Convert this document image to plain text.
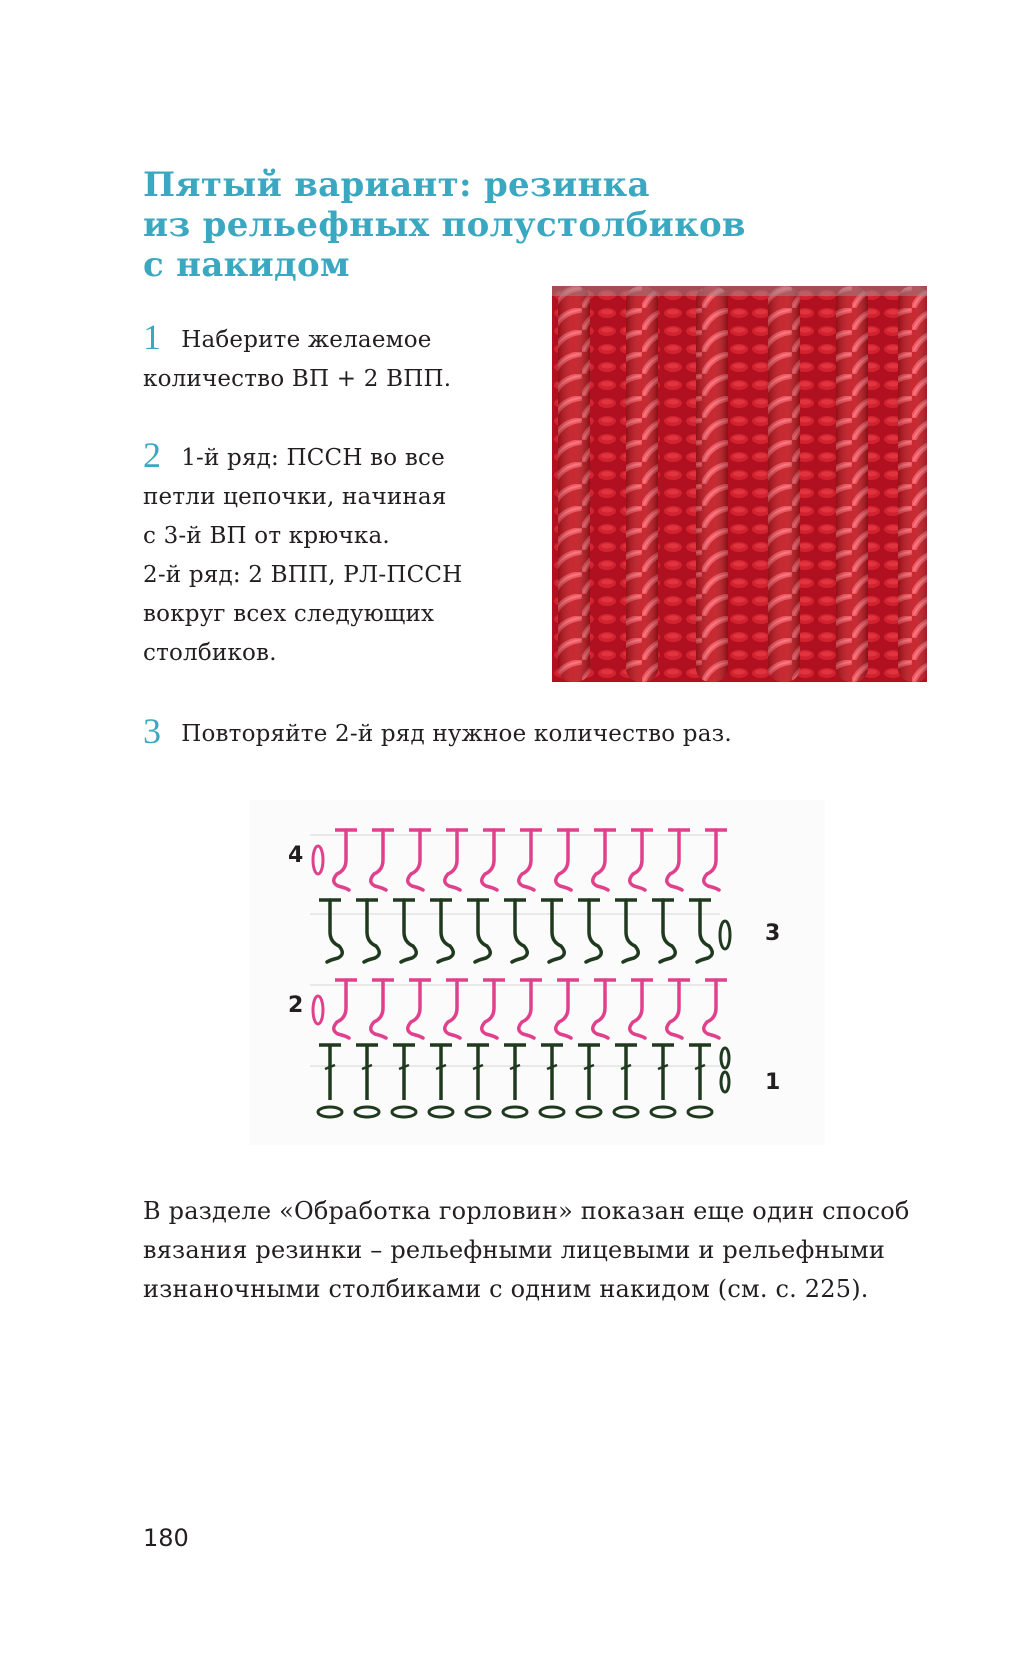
Пятый вариант: резинка
из рельефных полустолбиков
с накидом
1 Наберите желаемое
количество ВП + 2 ВПП.
2 1-й ряд: ПССН во все
петли цепочки, начиная
с 3-й ВП от крючка.
2-й ряд: 2 ВПП, РЛ-ПССН
вокруг всех следующих
столбиков.
3 Повторяйте 2-й ряд нужное количество раз.
4
3
2
1

В разделе «Обработка горловин» показан еще один способ
вязания резинки – рельефными лицевыми и рельефными
изнаночными столбиками с одним накидом (см. с. 225).

180
